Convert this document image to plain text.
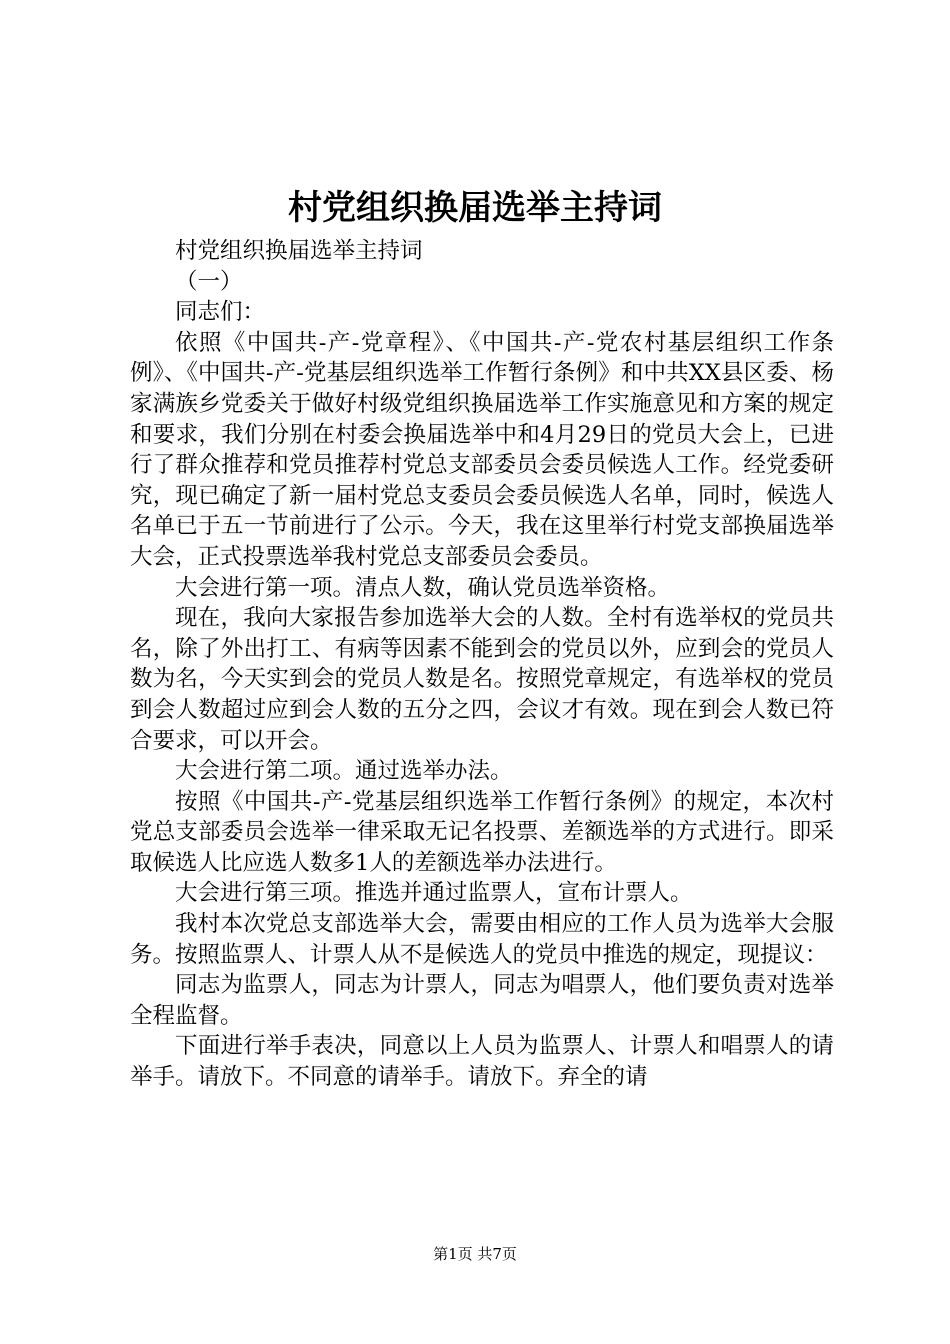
村党组织换届选举主持词

村党组织换届选举主持词

（一）

同志们：

依照《中国共-产-党章程》、《中国共-产-党农村基层组织工作条例》、《中国共-产-党基层组织选举工作暂行条例》和中共XX县区委、杨家满族乡党委关于做好村级党组织换届选举工作实施意见和方案的规定和要求，我们分别在村委会换届选举中和4月29日的党员大会上，已进行了群众推荐和党员推荐村党总支部委员会委员候选人工作。经党委研究，现已确定了新一届村党总支委员会委员候选人名单，同时，候选人名单已于五一节前进行了公示。今天，我在这里举行村党支部换届选举大会，正式投票选举我村党总支部委员会委员。

大会进行第一项。清点人数，确认党员选举资格。

现在，我向大家报告参加选举大会的人数。全村有选举权的党员共名，除了外出打工、有病等因素不能到会的党员以外，应到会的党员人数为名，今天实到会的党员人数是名。按照党章规定，有选举权的党员到会人数超过应到会人数的五分之四，会议才有效。现在到会人数已符合要求，可以开会。

大会进行第二项。通过选举办法。

按照《中国共-产-党基层组织选举工作暂行条例》的规定，本次村党总支部委员会选举一律采取无记名投票、差额选举的方式进行。即采取候选人比应选人数多1人的差额选举办法进行。

大会进行第三项。推选并通过监票人，宣布计票人。

我村本次党总支部选举大会，需要由相应的工作人员为选举大会服务。按照监票人、计票人从不是候选人的党员中推选的规定，现提议：

同志为监票人，同志为计票人，同志为唱票人，他们要负责对选举全程监督。

下面进行举手表决，同意以上人员为监票人、计票人和唱票人的请举手。请放下。不同意的请举手。请放下。弃全的请

第1页 共7页
